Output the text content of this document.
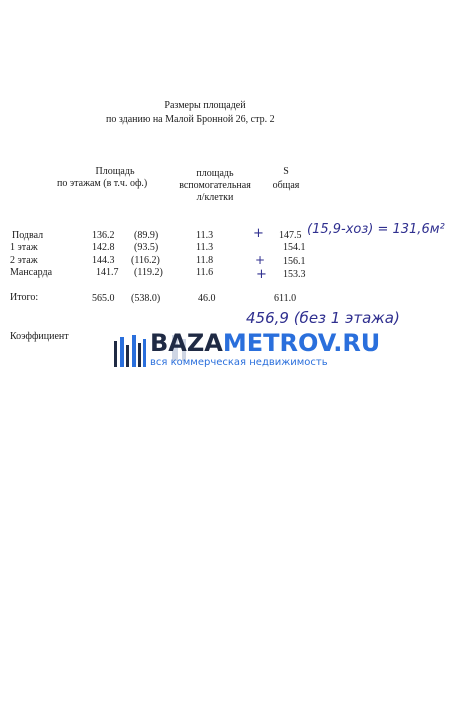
Размеры площадей
по зданию на Малой Бронной 26, стр. 2
Площадь
по этажам (в т.ч. оф.)
площадь
вспомогательная
л/клетки
S
общая
Подвал	136.2 (89.9)	11.3	147.5
1 этаж	142.8 (93.5)	11.3	154.1
2 этаж	144.3 (116.2)	11.8	156.1
Мансарда	141.7 (119.2)	11.6	153.3
Итого:	565.0 (538.0)	46.0	611.0
Коэффициент
+	(15,9-хоз) = 131,6м²
+
+
456,9 (без 1 этажа)
BAZAMETROV.RU
вся коммерческая недвижимость
